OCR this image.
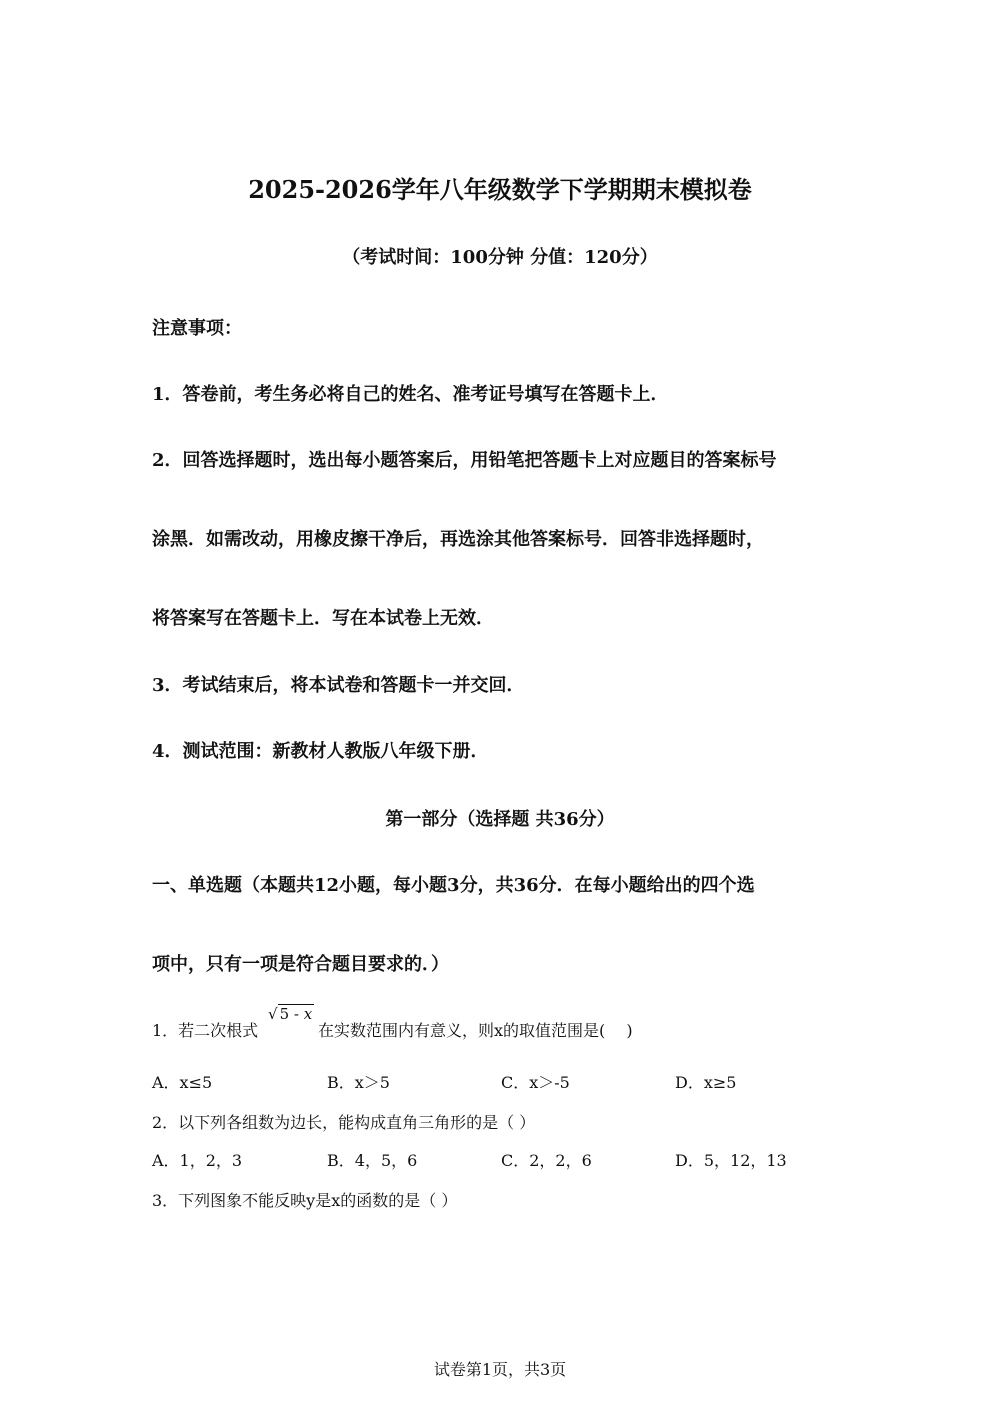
2025-2026学年八年级数学下学期期末模拟卷
（考试时间：100分钟 分值：120分）
注意事项：
1．答卷前，考生务必将自己的姓名、准考证号填写在答题卡上．
2．回答选择题时，选出每小题答案后，用铅笔把答题卡上对应题目的答案标号
涂黑．如需改动，用橡皮擦干净后，再选涂其他答案标号．回答非选择题时，
将答案写在答题卡上．写在本试卷上无效．
3．考试结束后，将本试卷和答题卡一并交回．
4．测试范围：新教材人教版八年级下册．
第一部分（选择题 共36分）
一、单选题（本题共12小题，每小题3分，共36分．在每小题给出的四个选
项中，只有一项是符合题目要求的．）
1．若二次根式
√ 5 - x
在实数范围内有意义，则x的取值范围是(　 )
A．x≤5	B．x＞5	C．x＞-5	D．x≥5
2．以下列各组数为边长，能构成直角三角形的是（ ）
A．1，2，3	B．4，5，6	C．2，2，6	D．5，12，13
3．下列图象不能反映y是x的函数的是（ ）
试卷第1页，共3页
